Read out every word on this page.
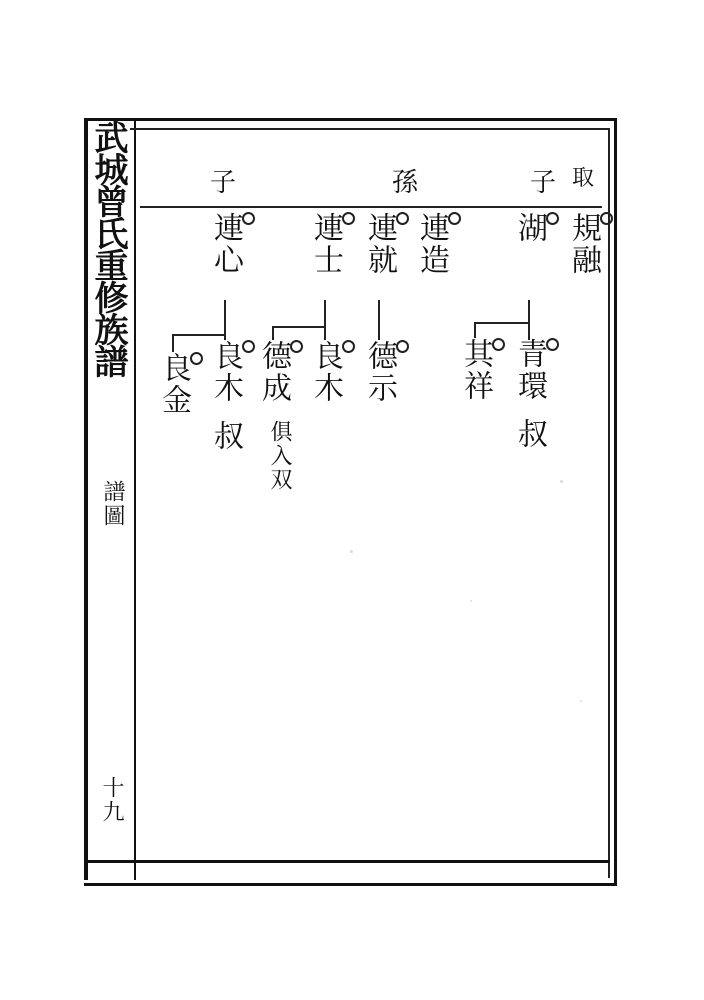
武城曾氏重修族譜
譜圖
十九
子	孫	子 取
規融
湖
青環
叔
其祥
連造
連就
德示
連士
良木
德成
俱入双
連心
良木
叔
良金
